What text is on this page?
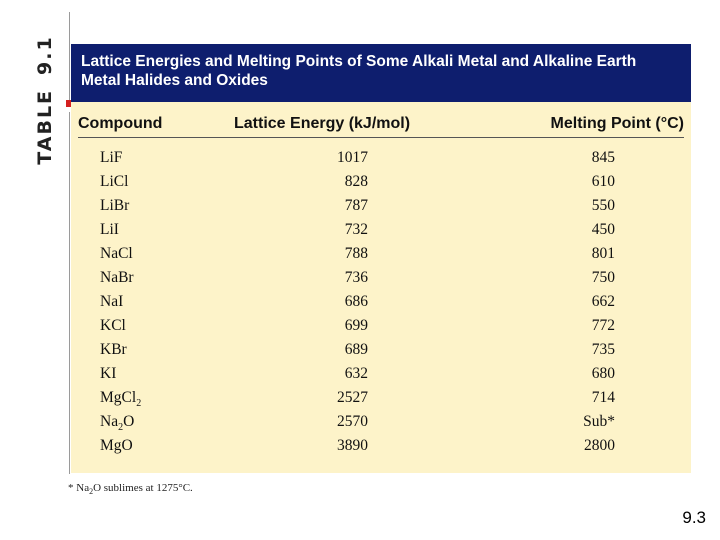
TABLE9.1 Lattice Energies and Melting Points of Some Alkali Metal and Alkaline Earth
Metal Halides and Oxides
Compound	Lattice Energy (kJ/mol)	Melting Point (°C)
LiF	1017	845
LiCl	828	610
LiBr	787	550
LiI	732	450
NaCl	788	801
NaBr	736	750
NaI	686	662
KCl	699	772
KBr	689	735
KI	632	680
MgCl$_2$	2527	714
$Na_2O$	2570	Sub*
MgO	3890	2800
* $Na_2O$ sublimes at 1275°C.
9.3
